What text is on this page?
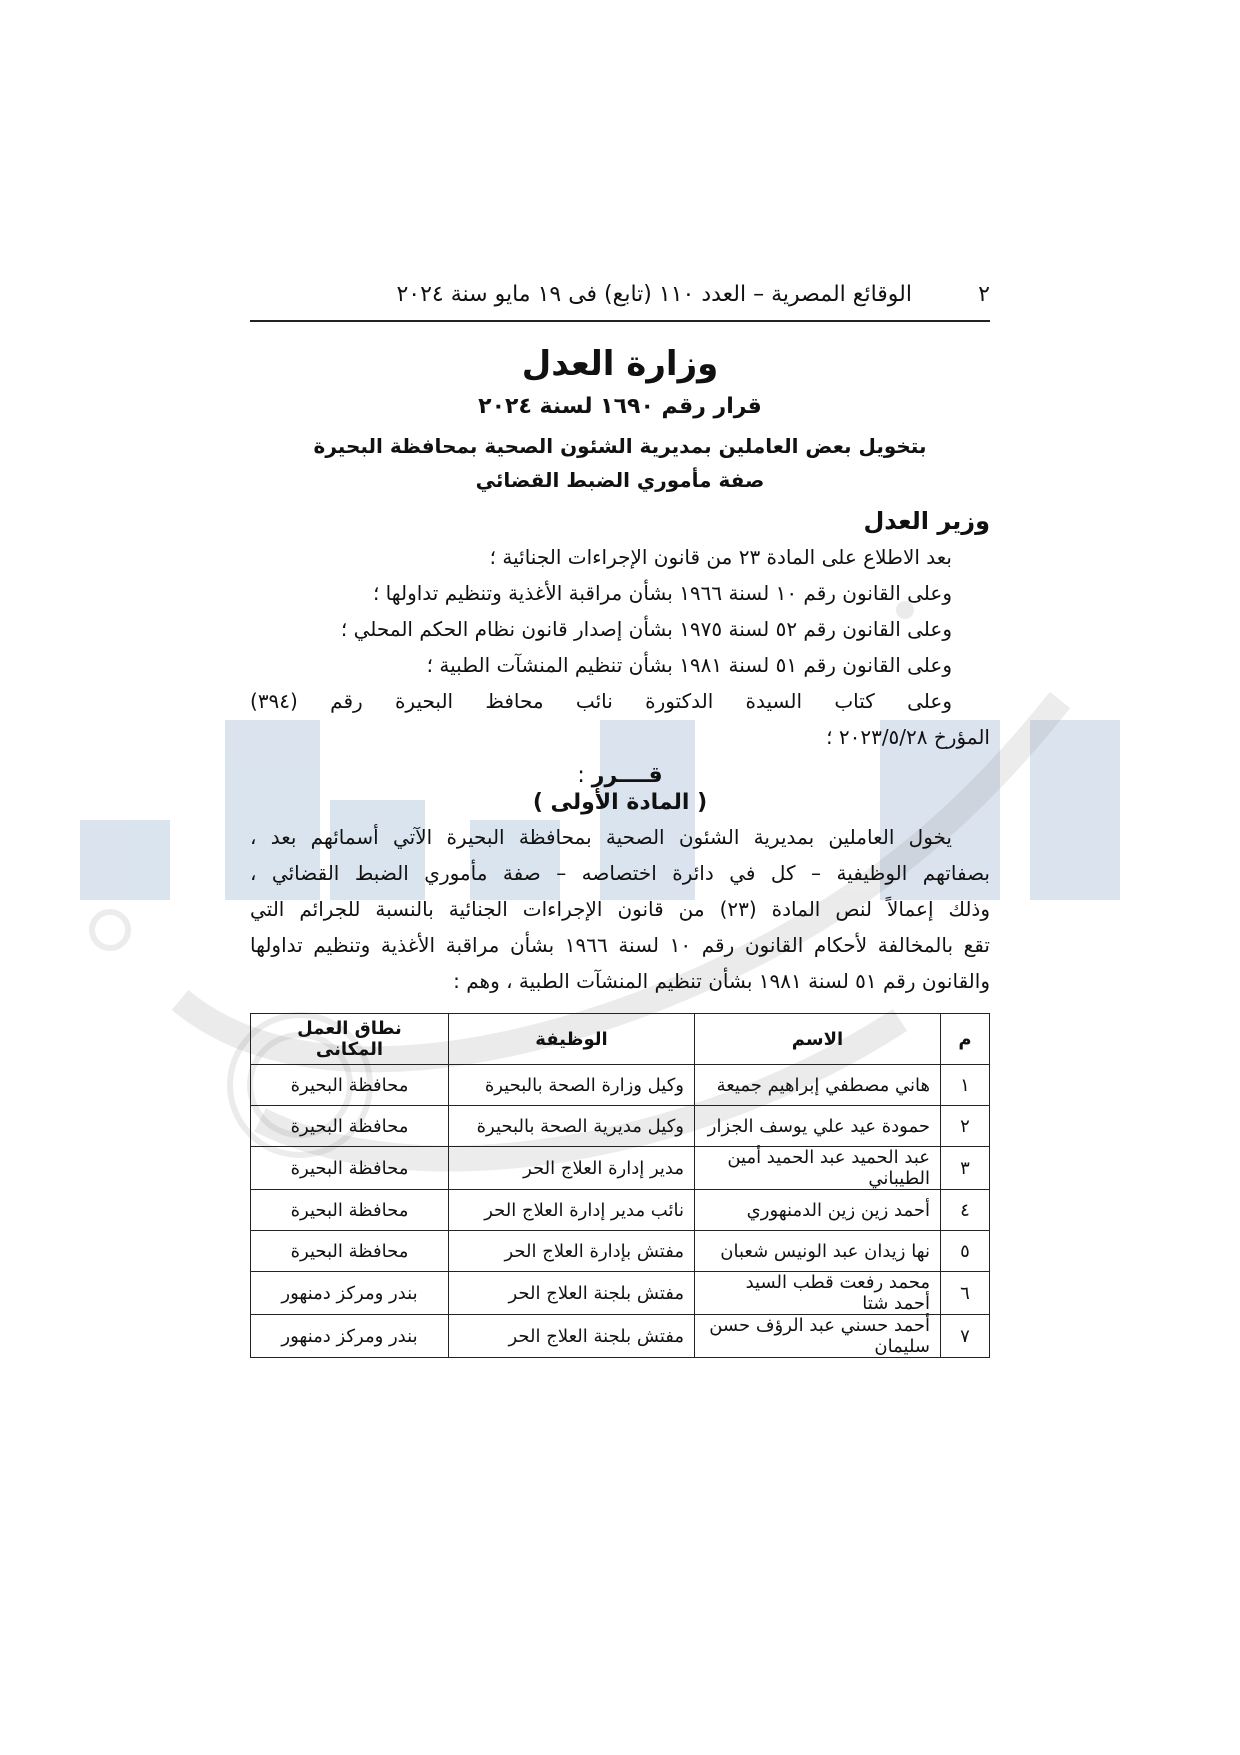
٢
الوقائع المصرية – العدد ١١٠ (تابع) فى ١٩ مايو سنة ٢٠٢٤
وزارة العدل
قرار رقم ١٦٩٠ لسنة ٢٠٢٤
بتخويل بعض العاملين بمديرية الشئون الصحية بمحافظة البحيرة
صفة مأموري الضبط القضائي
وزير العدل
بعد الاطلاع على المادة ٢٣ من قانون الإجراءات الجنائية ؛
وعلى القانون رقم ١٠ لسنة ١٩٦٦ بشأن مراقبة الأغذية وتنظيم تداولها ؛
وعلى القانون رقم ٥٢ لسنة ١٩٧٥ بشأن إصدار قانون نظام الحكم المحلي ؛
وعلى القانون رقم ٥١ لسنة ١٩٨١ بشأن تنظيم المنشآت الطبية ؛
وعلى كتاب السيدة الدكتورة نائب محافظ البحيرة رقم (٣٩٤)
المؤرخ ٢٠٢٣/٥/٢٨ ؛
قــــرر :
( المادة الأولى )
يخول العاملين بمديرية الشئون الصحية بمحافظة البحيرة الآتي أسمائهم بعد ،
بصفاتهم الوظيفية – كل في دائرة اختصاصه – صفة مأموري الضبط القضائي ،
وذلك إعمالاً لنص المادة (٢٣) من قانون الإجراءات الجنائية بالنسبة للجرائم التي
تقع بالمخالفة لأحكام القانون رقم ١٠ لسنة ١٩٦٦ بشأن مراقبة الأغذية وتنظيم تداولها
والقانون رقم ٥١ لسنة ١٩٨١ بشأن تنظيم المنشآت الطبية ، وهم :
م	الاسم	الوظيفة	نطاق العمل المكانى
١	هاني مصطفي إبراهيم جميعة	وكيل وزارة الصحة بالبحيرة	محافظة البحيرة
٢	حمودة عيد علي يوسف الجزار	وكيل مديرية الصحة بالبحيرة	محافظة البحيرة
٣	عبد الحميد عبد الحميد أمين الطيباني	مدير إدارة العلاج الحر	محافظة البحيرة
٤	أحمد زين زين الدمنهوري	نائب مدير إدارة العلاج الحر	محافظة البحيرة
٥	نها زيدان عبد الونيس شعبان	مفتش بإدارة العلاج الحر	محافظة البحيرة
٦	محمد رفعت قطب السيد أحمد شتا	مفتش بلجنة العلاج الحر	بندر ومركز دمنهور
٧	أحمد حسني عبد الرؤف حسن سليمان	مفتش بلجنة العلاج الحر	بندر ومركز دمنهور
